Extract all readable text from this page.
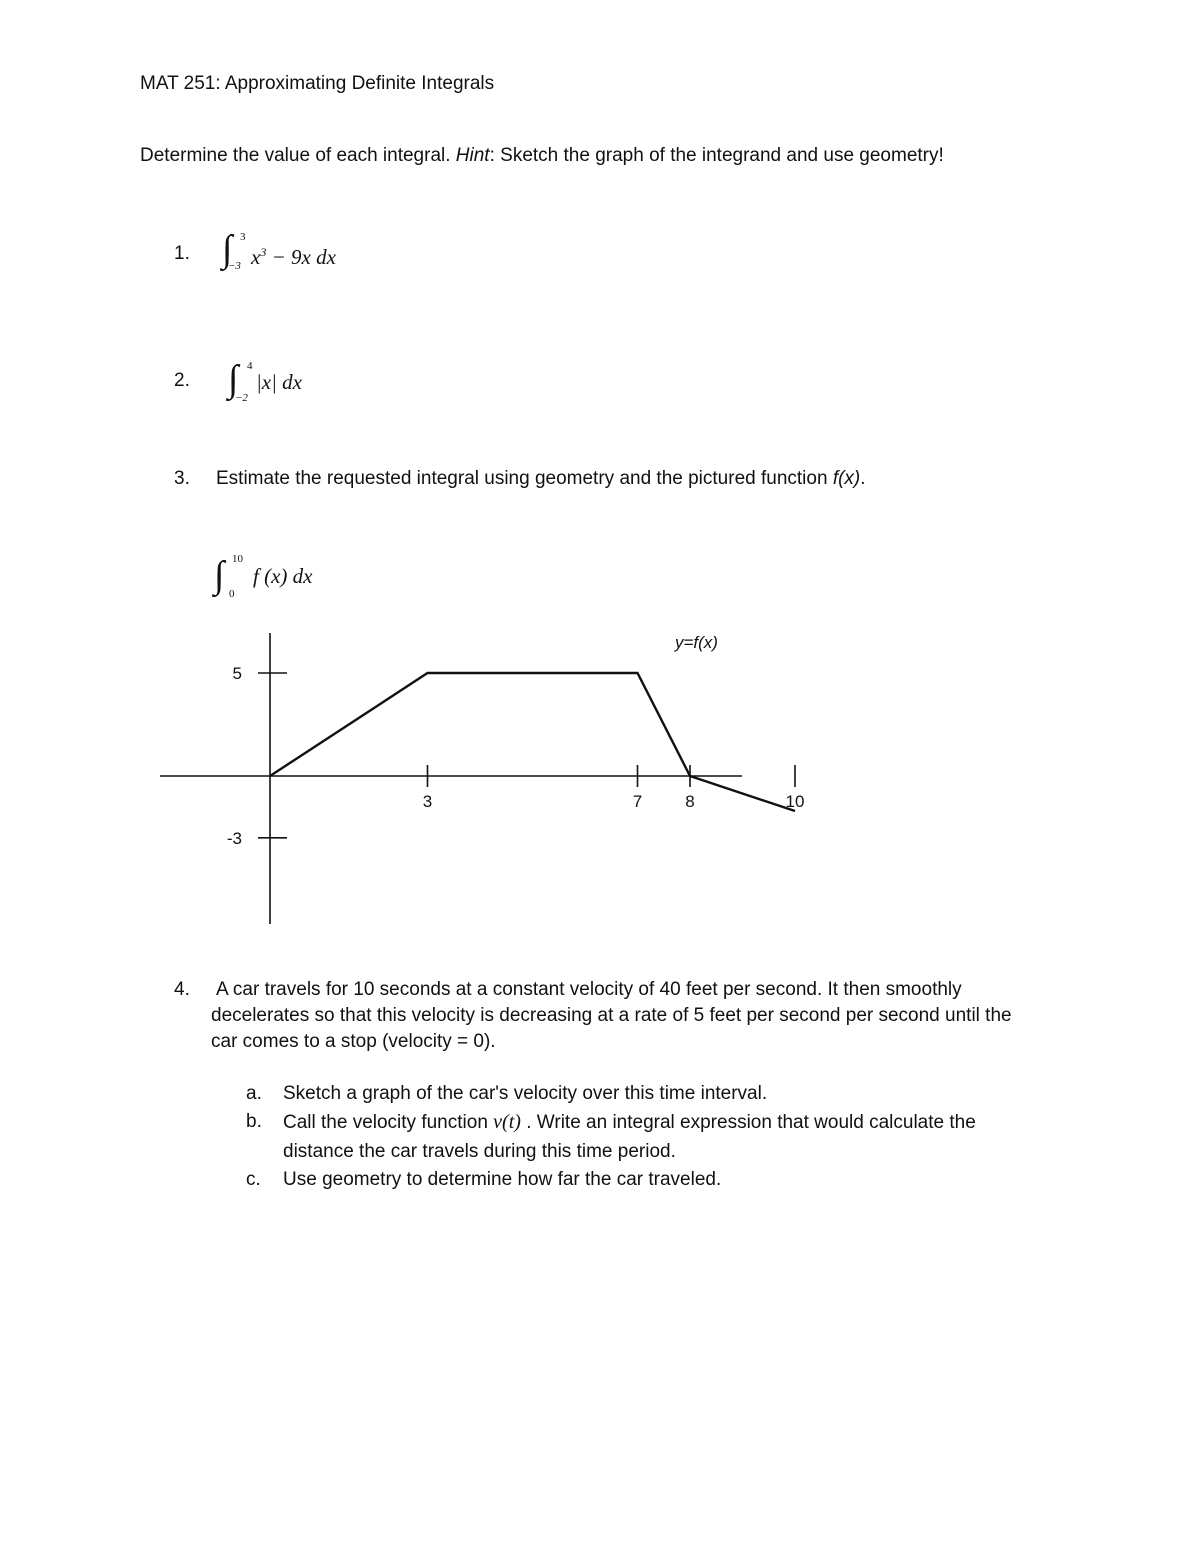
MAT 251: Approximating Definite Integrals
Determine the value of each integral. Hint: Sketch the graph of the integrand and use geometry!
1. ∫ 3
−3 $x^3 - 9x$ dx
2. ∫ 4
−2
|x| dx
3. Estimate the requested integral using geometry and the pictured function f(x).
∫ 10
0
f (x) dx
3	7	8	10
5
-3
y=f(x)
4. A car travels for 10 seconds at a constant velocity of 40 feet per second. It then smoothly
decelerates so that this velocity is decreasing at a rate of 5 feet per second per second until the
car comes to a stop (velocity = 0).
a. Sketch a graph of the car's velocity over this time interval.
b. Call the velocity function v(t) . Write an integral expression that would calculate the
distance the car travels during this time period.
c. Use geometry to determine how far the car traveled.
